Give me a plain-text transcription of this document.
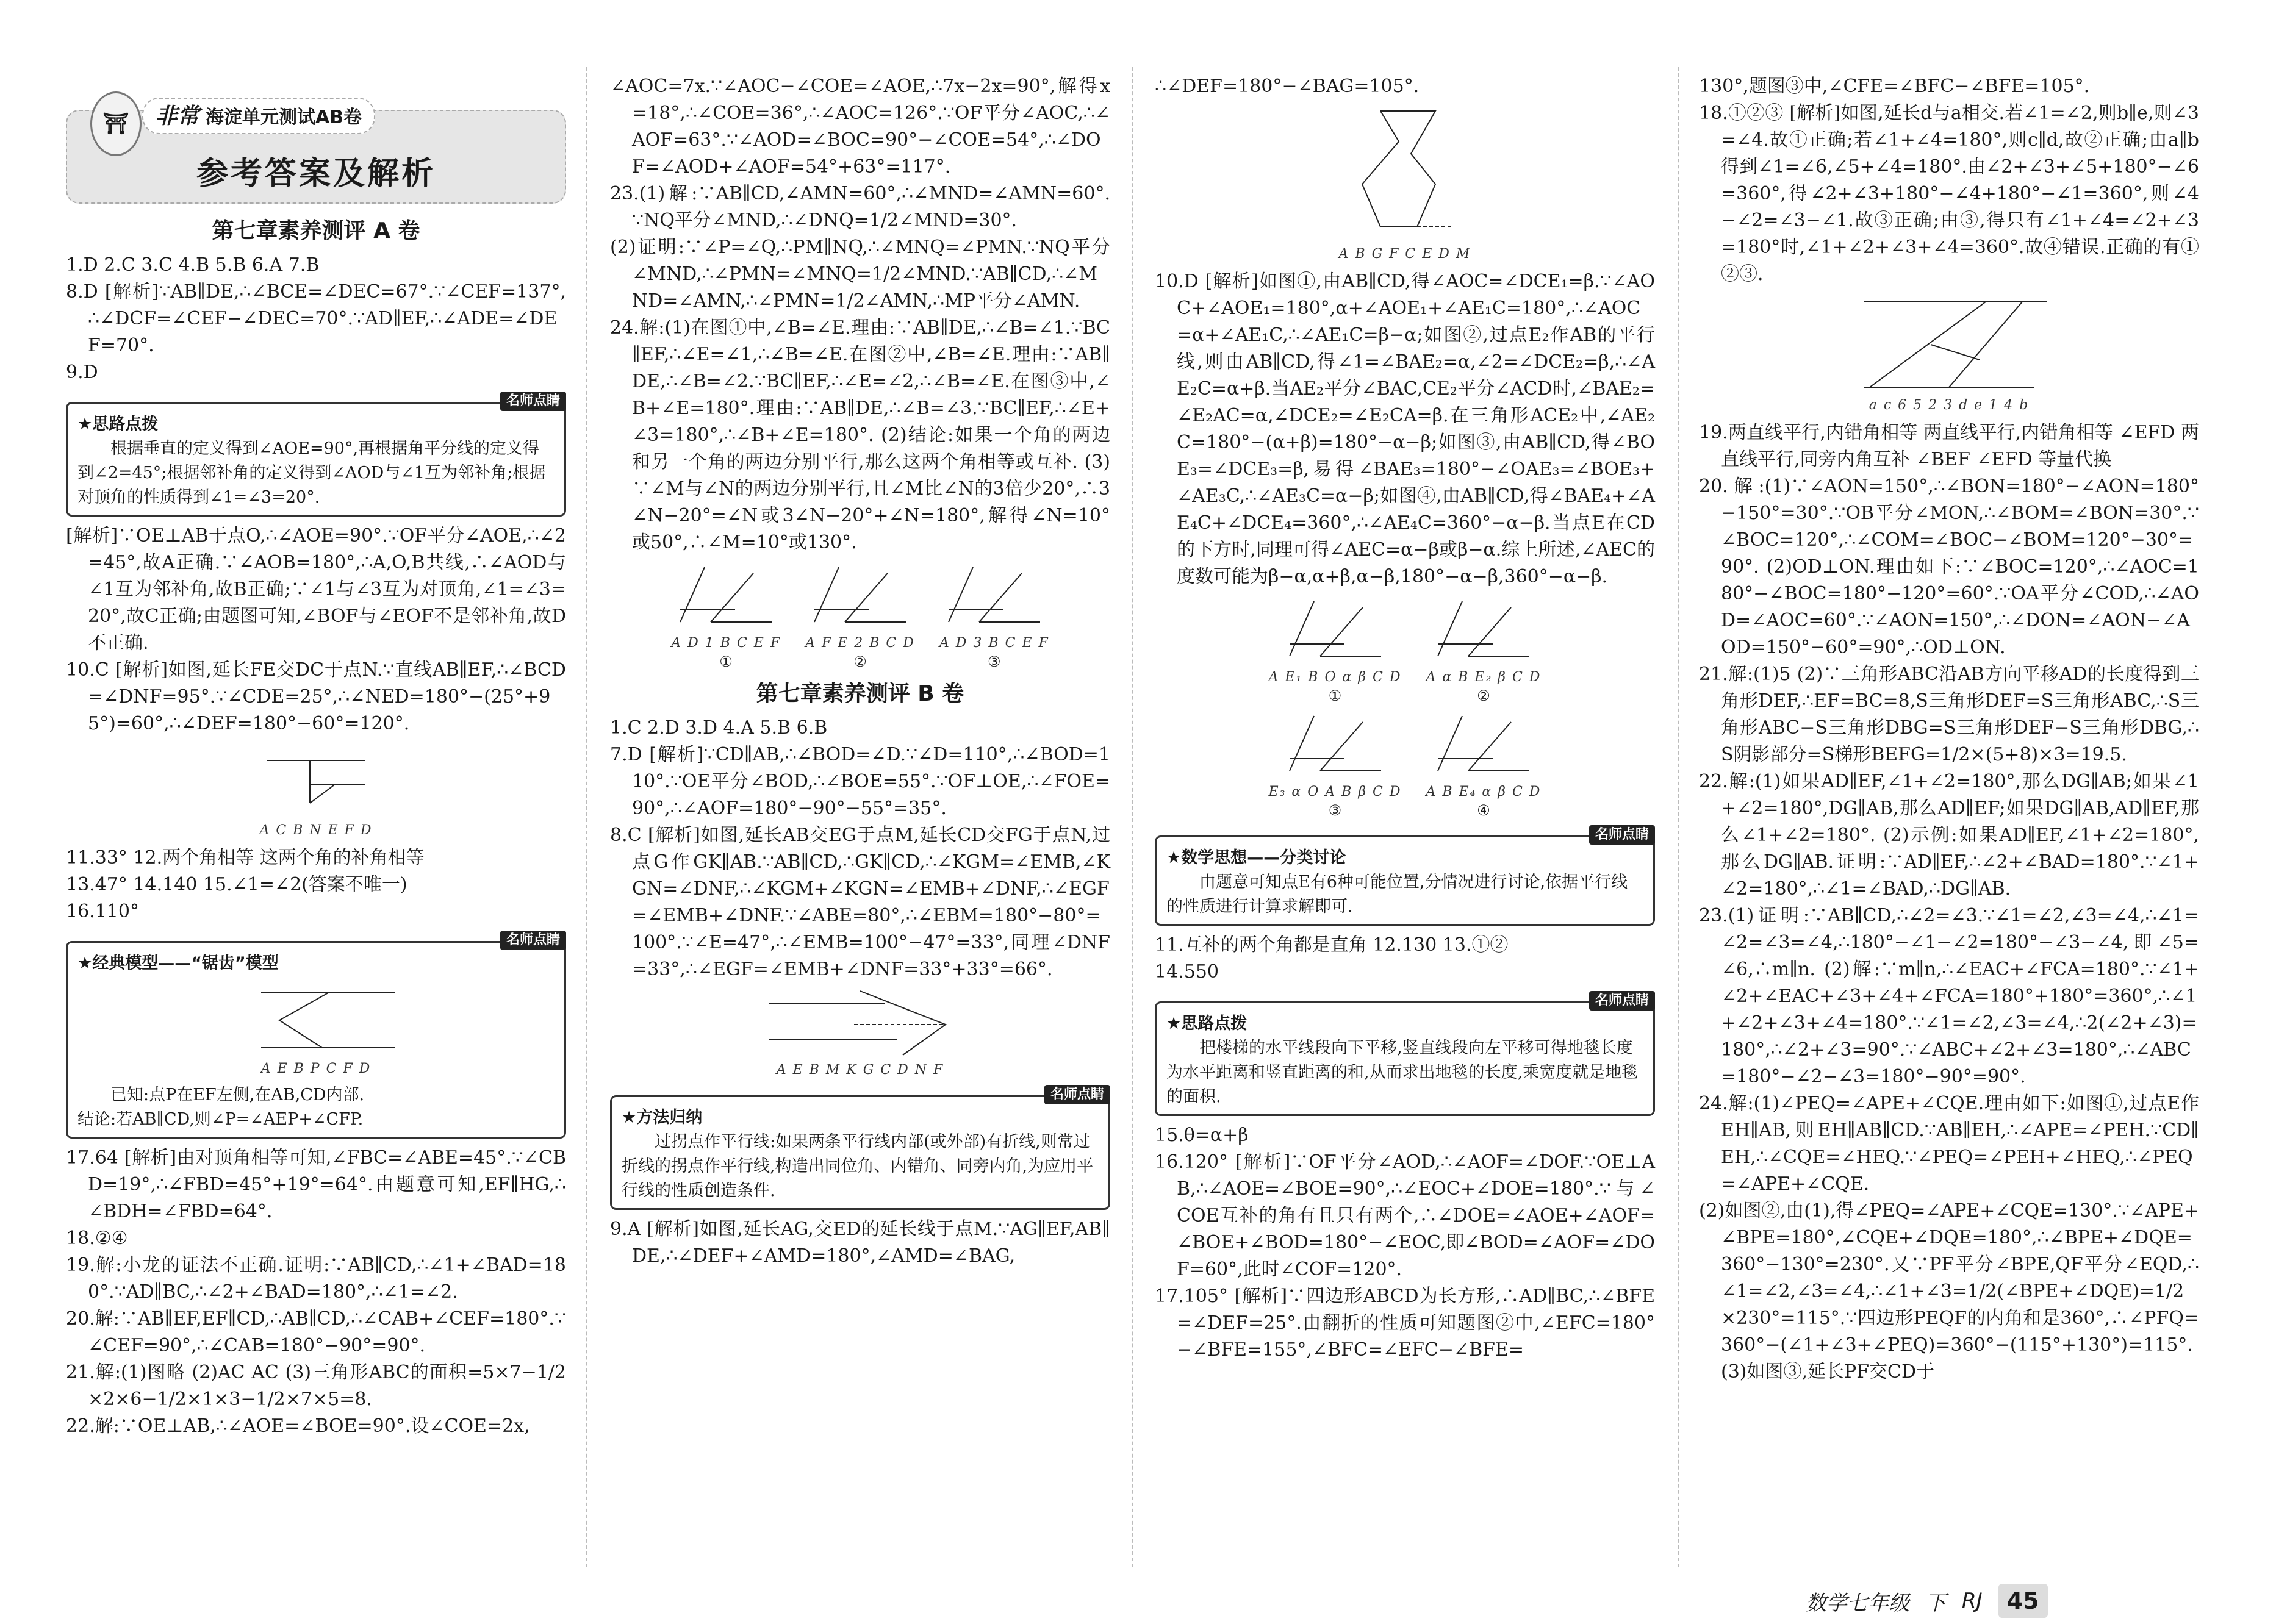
⛩	非常 海淀单元测试AB卷
参考答案及解析
第七章素养测评 A 卷

1.D 2.C 3.C 4.B 5.B 6.A 7.B

8.D [解析]∵AB∥DE,∴∠BCE=∠DEC=67°.∵∠CEF=137°,∴∠DCF=∠CEF−∠DEC=70°.∵AD∥EF,∴∠ADE=∠DEF=70°.

9.D

名师点睛
★思路点拨
根据垂直的定义得到∠AOE=90°,再根据角平分线的定义得到∠2=45°;根据邻补角的定义得到∠AOD与∠1互为邻补角;根据对顶角的性质得到∠1=∠3=20°.

[解析]∵OE⊥AB于点O,∴∠AOE=90°.∵OF平分∠AOE,∴∠2=45°,故A正确.∵∠AOB=180°,∴A,O,B共线,∴∠AOD与∠1互为邻补角,故B正确;∵∠1与∠3互为对顶角,∠1=∠3=20°,故C正确;由题图可知,∠BOF与∠EOF不是邻补角,故D不正确.

10.C [解析]如图,延长FE交DC于点N.∵直线AB∥EF,∴∠BCD=∠DNF=95°.∵∠CDE=25°,∴∠NED=180°−(25°+95°)=60°,∴∠DEF=180°−60°=120°.

A C B N E F D

11.33° 12.两个角相等 这两个角的补角相等

13.47° 14.140 15.∠1=∠2(答案不唯一)

16.110°

名师点睛
★经典模型——“锯齿”模型
A E B P C F D
已知:点P在EF左侧,在AB,CD内部.
结论:若AB∥CD,则∠P=∠AEP+∠CFP.

17.64 [解析]由对顶角相等可知,∠FBC=∠ABE=45°.∵∠CBD=19°,∴∠FBD=45°+19°=64°.由题意可知,EF∥HG,∴∠BDH=∠FBD=64°.

18.②④

19.解:小龙的证法不正确.证明:∵AB∥CD,∴∠1+∠BAD=180°.∵AD∥BC,∴∠2+∠BAD=180°,∴∠1=∠2.

20.解:∵AB∥EF,EF∥CD,∴AB∥CD,∴∠CAB+∠CEF=180°.∵∠CEF=90°,∴∠CAB=180°−90°=90°.

21.解:(1)图略 (2)AC AC (3)三角形ABC的面积=5×7−1/2×2×6−1/2×1×3−1/2×7×5=8.

22.解:∵OE⊥AB,∴∠AOE=∠BOE=90°.设∠COE=2x,

∠AOC=7x.∵∠AOC−∠COE=∠AOE,∴7x−2x=90°,解得x=18°,∴∠COE=36°,∴∠AOC=126°.∵OF平分∠AOC,∴∠AOF=63°.∵∠AOD=∠BOC=90°−∠COE=54°,∴∠DOF=∠AOD+∠AOF=54°+63°=117°.

23.(1)解:∵AB∥CD,∠AMN=60°,∴∠MND=∠AMN=60°.∵NQ平分∠MND,∴∠DNQ=1/2∠MND=30°.

(2)证明:∵∠P=∠Q,∴PM∥NQ,∴∠MNQ=∠PMN.∵NQ平分∠MND,∴∠PMN=∠MNQ=1/2∠MND.∵AB∥CD,∴∠MND=∠AMN,∴∠PMN=1/2∠AMN,∴MP平分∠AMN.

24.解:(1)在图①中,∠B=∠E.理由:∵AB∥DE,∴∠B=∠1.∵BC∥EF,∴∠E=∠1,∴∠B=∠E.在图②中,∠B=∠E.理由:∵AB∥DE,∴∠B=∠2.∵BC∥EF,∴∠E=∠2,∴∠B=∠E.在图③中,∠B+∠E=180°.理由:∵AB∥DE,∴∠B=∠3.∵BC∥EF,∴∠E+∠3=180°,∴∠B+∠E=180°. (2)结论:如果一个角的两边和另一个角的两边分别平行,那么这两个角相等或互补. (3)∵∠M与∠N的两边分别平行,且∠M比∠N的3倍少20°,∴3∠N−20°=∠N或3∠N−20°+∠N=180°,解得∠N=10°或50°,∴∠M=10°或130°.

A D 1 B C E F
①
A F E 2 B C D
②
A D 3 B C E F
③
第七章素养测评 B 卷

1.C 2.D 3.D 4.A 5.B 6.B

7.D [解析]∵CD∥AB,∴∠BOD=∠D.∵∠D=110°,∴∠BOD=110°.∵OE平分∠BOD,∴∠BOE=55°.∵OF⊥OE,∴∠FOE=90°,∴∠AOF=180°−90°−55°=35°.

8.C [解析]如图,延长AB交EG于点M,延长CD交FG于点N,过点G作GK∥AB.∵AB∥CD,∴GK∥CD,∴∠KGM=∠EMB,∠KGN=∠DNF,∴∠KGM+∠KGN=∠EMB+∠DNF,∴∠EGF=∠EMB+∠DNF.∵∠ABE=80°,∴∠EBM=180°−80°=100°.∵∠E=47°,∴∠EMB=100°−47°=33°,同理∠DNF=33°,∴∠EGF=∠EMB+∠DNF=33°+33°=66°.

A E B M K G C D N F
名师点睛
★方法归纳
过拐点作平行线:如果两条平行线内部(或外部)有折线,则常过折线的拐点作平行线,构造出同位角、内错角、同旁内角,为应用平行线的性质创造条件.

9.A [解析]如图,延长AG,交ED的延长线于点M.∵AG∥EF,AB∥DE,∴∠DEF+∠AMD=180°,∠AMD=∠BAG,

∴∠DEF=180°−∠BAG=105°.

A B G F C E D M

10.D [解析]如图①,由AB∥CD,得∠AOC=∠DCE₁=β.∵∠AOC+∠AOE₁=180°,α+∠AOE₁+∠AE₁C=180°,∴∠AOC=α+∠AE₁C,∴∠AE₁C=β−α;如图②,过点E₂作AB的平行线,则由AB∥CD,得∠1=∠BAE₂=α,∠2=∠DCE₂=β,∴∠AE₂C=α+β.当AE₂平分∠BAC,CE₂平分∠ACD时,∠BAE₂=∠E₂AC=α,∠DCE₂=∠E₂CA=β.在三角形ACE₂中,∠AE₂C=180°−(α+β)=180°−α−β;如图③,由AB∥CD,得∠BOE₃=∠DCE₃=β,易得∠BAE₃=180°−∠OAE₃=∠BOE₃+∠AE₃C,∴∠AE₃C=α−β;如图④,由AB∥CD,得∠BAE₄+∠AE₄C+∠DCE₄=360°,∴∠AE₄C=360°−α−β.当点E在CD的下方时,同理可得∠AEC=α−β或β−α.综上所述,∠AEC的度数可能为β−α,α+β,α−β,180°−α−β,360°−α−β.

A E₁ B O α β C D
①
A α B E₂ β C D
②
E₃ α O A B β C D
③
A B E₄ α β C D
④
名师点睛
★数学思想——分类讨论
由题意可知点E有6种可能位置,分情况进行讨论,依据平行线的性质进行计算求解即可.

11.互补的两个角都是直角 12.130 13.①②

14.550

名师点睛
★思路点拨
把楼梯的水平线段向下平移,竖直线段向左平移可得地毯长度为水平距离和竖直距离的和,从而求出地毯的长度,乘宽度就是地毯的面积.

15.θ=α+β

16.120° [解析]∵OF平分∠AOD,∴∠AOF=∠DOF.∵OE⊥AB,∴∠AOE=∠BOE=90°,∴∠EOC+∠DOE=180°.∵与∠COE互补的角有且只有两个,∴∠DOE=∠AOE+∠AOF=∠BOE+∠BOD=180°−∠EOC,即∠BOD=∠AOF=∠DOF=60°,此时∠COF=120°.

17.105° [解析]∵四边形ABCD为长方形,∴AD∥BC,∴∠BFE=∠DEF=25°.由翻折的性质可知题图②中,∠EFC=180°−∠BFE=155°,∠BFC=∠EFC−∠BFE=

130°,题图③中,∠CFE=∠BFC−∠BFE=105°.

18.①②③ [解析]如图,延长d与a相交.若∠1=∠2,则b∥e,则∠3=∠4.故①正确;若∠1+∠4=180°,则c∥d,故②正确;由a∥b得到∠1=∠6,∠5+∠4=180°.由∠2+∠3+∠5+180°−∠6=360°,得∠2+∠3+180°−∠4+180°−∠1=360°,则∠4−∠2=∠3−∠1.故③正确;由③,得只有∠1+∠4=∠2+∠3=180°时,∠1+∠2+∠3+∠4=360°.故④错误.正确的有①②③.

a c 6 5 2 3 d e 1 4 b

19.两直线平行,内错角相等 两直线平行,内错角相等 ∠EFD 两直线平行,同旁内角互补 ∠BEF ∠EFD 等量代换

20.解:(1)∵∠AON=150°,∴∠BON=180°−∠AON=180°−150°=30°.∵OB平分∠MON,∴∠BOM=∠BON=30°.∵∠BOC=120°,∴∠COM=∠BOC−∠BOM=120°−30°=90°. (2)OD⊥ON.理由如下:∵∠BOC=120°,∴∠AOC=180°−∠BOC=180°−120°=60°.∵OA平分∠COD,∴∠AOD=∠AOC=60°.∵∠AON=150°,∴∠DON=∠AON−∠AOD=150°−60°=90°,∴OD⊥ON.

21.解:(1)5 (2)∵三角形ABC沿AB方向平移AD的长度得到三角形DEF,∴EF=BC=8,S三角形DEF=S三角形ABC,∴S三角形ABC−S三角形DBG=S三角形DEF−S三角形DBG,∴S阴影部分=S梯形BEFG=1/2×(5+8)×3=19.5.

22.解:(1)如果AD∥EF,∠1+∠2=180°,那么DG∥AB;如果∠1+∠2=180°,DG∥AB,那么AD∥EF;如果DG∥AB,AD∥EF,那么∠1+∠2=180°. (2)示例:如果AD∥EF,∠1+∠2=180°,那么DG∥AB.证明:∵AD∥EF,∴∠2+∠BAD=180°.∵∠1+∠2=180°,∴∠1=∠BAD,∴DG∥AB.

23.(1)证明:∵AB∥CD,∴∠2=∠3.∵∠1=∠2,∠3=∠4,∴∠1=∠2=∠3=∠4,∴180°−∠1−∠2=180°−∠3−∠4,即∠5=∠6,∴m∥n. (2)解:∵m∥n,∴∠EAC+∠FCA=180°.∵∠1+∠2+∠EAC+∠3+∠4+∠FCA=180°+180°=360°,∴∠1+∠2+∠3+∠4=180°.∵∠1=∠2,∠3=∠4,∴2(∠2+∠3)=180°,∴∠2+∠3=90°.∵∠ABC+∠2+∠3=180°,∴∠ABC=180°−∠2−∠3=180°−90°=90°.

24.解:(1)∠PEQ=∠APE+∠CQE.理由如下:如图①,过点E作EH∥AB,则EH∥AB∥CD.∵AB∥EH,∴∠APE=∠PEH.∵CD∥EH,∴∠CQE=∠HEQ.∵∠PEQ=∠PEH+∠HEQ,∴∠PEQ=∠APE+∠CQE.

(2)如图②,由(1),得∠PEQ=∠APE+∠CQE=130°.∵∠APE+∠BPE=180°,∠CQE+∠DQE=180°,∴∠BPE+∠DQE=360°−130°=230°.又∵PF平分∠BPE,QF平分∠EQD,∴∠1=∠2,∠3=∠4,∴∠1+∠3=1/2(∠BPE+∠DQE)=1/2×230°=115°.∵四边形PEQF的内角和是360°,∴∠PFQ=360°−(∠1+∠3+∠PEQ)=360°−(115°+130°)=115°. (3)如图③,延长PF交CD于

数学七年级 下 RJ	45
